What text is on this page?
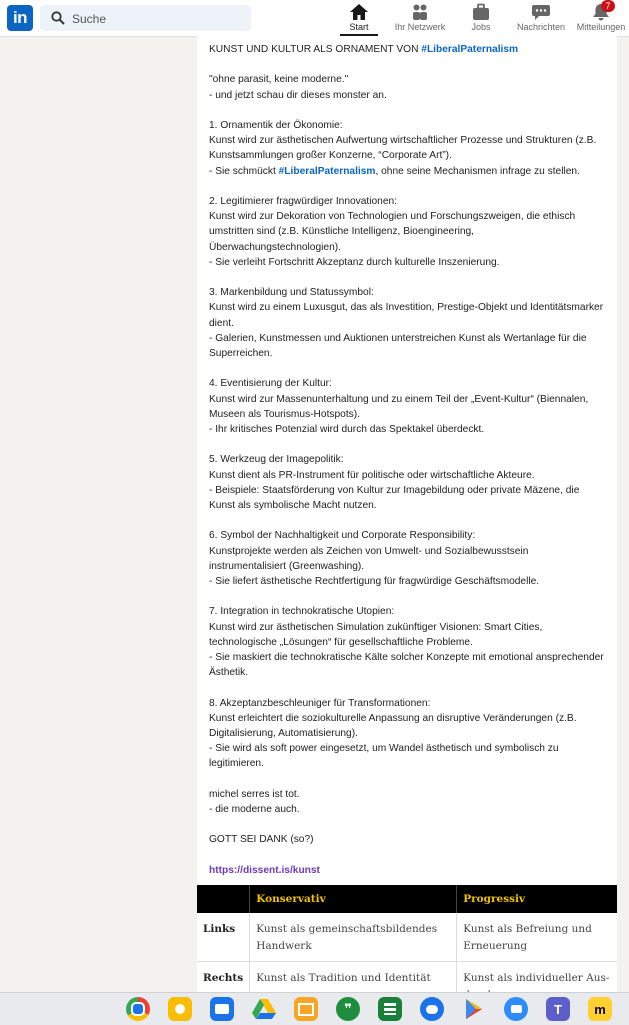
in
Suche	Start	Ihr Netzwerk	Jobs	Nachrichten
7
Mitteilungen

KUNST UND KULTUR ALS ORNAMENT VON #LiberalPaternalism

"ohne parasit, keine moderne."

- und jetzt schau dir dieses monster an.

1. Ornamentik der Ökonomie:

Kunst wird zur ästhetischen Aufwertung wirtschaftlicher Prozesse und Strukturen (z.B. Kunstsammlungen großer Konzerne, “Corporate Art”).

- Sie schmückt #LiberalPaternalism, ohne seine Mechanismen infrage zu stellen.

2. Legitimierer fragwürdiger Innovationen:

Kunst wird zur Dekoration von Technologien und Forschungszweigen, die ethisch umstritten sind (z.B. Künstliche Intelligenz, Bioengineering, Überwachungstechnologien).

- Sie verleiht Fortschritt Akzeptanz durch kulturelle Inszenierung.

3. Markenbildung und Statussymbol:

Kunst wird zu einem Luxusgut, das als Investition, Prestige-Objekt und Identitätsmarker dient.

- Galerien, Kunstmessen und Auktionen unterstreichen Kunst als Wertanlage für die Superreichen.

4. Eventisierung der Kultur:

Kunst wird zur Massenunterhaltung und zu einem Teil der „Event-Kultur“ (Biennalen, Museen als Tourismus-Hotspots).

- Ihr kritisches Potenzial wird durch das Spektakel überdeckt.

5. Werkzeug der Imagepolitik:

Kunst dient als PR-Instrument für politische oder wirtschaftliche Akteure.

- Beispiele: Staatsförderung von Kultur zur Imagebildung oder private Mäzene, die Kunst als symbolische Macht nutzen.

6. Symbol der Nachhaltigkeit und Corporate Responsibility:

Kunstprojekte werden als Zeichen von Umwelt- und Sozialbewusstsein instrumentalisiert (Greenwashing).

- Sie liefert ästhetische Rechtfertigung für fragwürdige Geschäftsmodelle.

7. Integration in technokratische Utopien:

Kunst wird zur ästhetischen Simulation zukünftiger Visionen: Smart Cities, technologische „Lösungen“ für gesellschaftliche Probleme.

- Sie maskiert die technokratische Kälte solcher Konzepte mit emotional ansprechender Ästhetik.

8. Akzeptanzbeschleuniger für Transformationen:

Kunst erleichtert die soziokulturelle Anpassung an disruptive Veränderungen (z.B. Digitalisierung, Automatisierung).

- Sie wird als soft power eingesetzt, um Wandel ästhetisch und symbolisch zu legitimieren.

michel serres ist tot.

- die moderne auch.

GOTT SEI DANK (so?)

https://dissent.is/kunst

	Konservativ	Progressiv
Links	Kunst als gemeinschaftsbildendes Handwerk	Kunst als Befreiung und Erneuerung
Rechts	Kunst als Tradition und Identität	Kunst als individueller Aus-
❞	T	m
